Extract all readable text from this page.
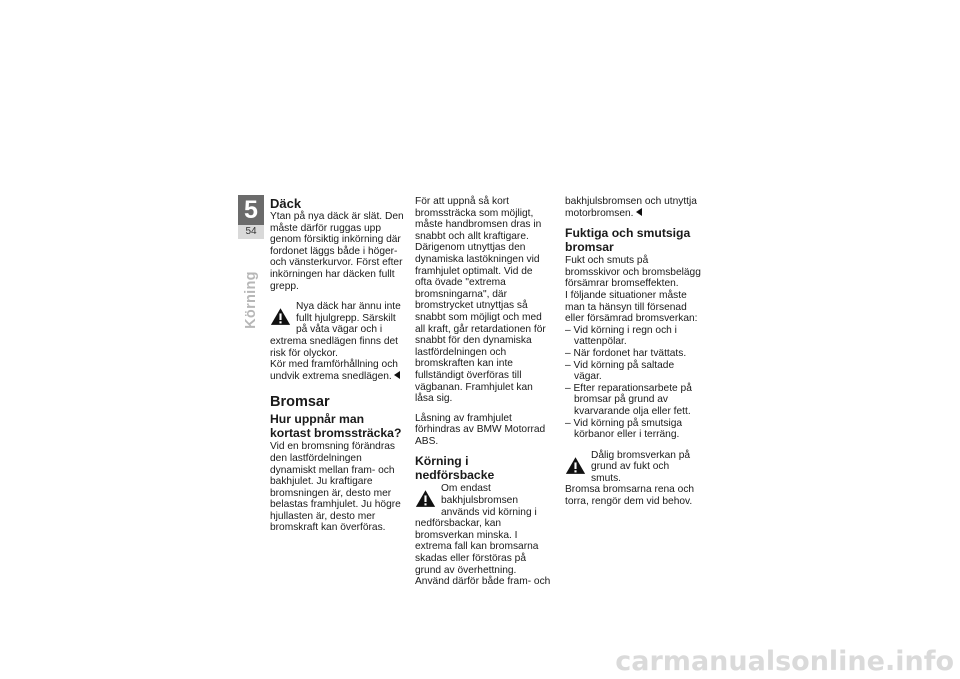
5
54
Körning
Däck

Ytan på nya däck är slät. Den måste därför ruggas upp genom försiktig inkörning där fordonet läggs både i höger- och vänsterkurvor. Först efter inkörningen har däcken fullt grepp.

Nya däck har ännu inte fullt hjulgrepp. Särskilt på våta vägar och i extrema snedlägen finns det risk för olyckor.

Kör med framförhållning och undvik extrema snedlägen.

Bromsar
Hur uppnår man kortast bromssträcka?

Vid en bromsning förändras den lastfördelningen dynamiskt mellan fram- och bakhjulet. Ju kraftigare bromsningen är, desto mer belastas framhjulet. Ju högre hjullasten är, desto mer bromskraft kan överföras.

För att uppnå så kort bromssträcka som möjligt, måste handbromsen dras in snabbt och allt kraftigare. Därigenom utnyttjas den dynamiska lastökningen vid framhjulet optimalt. Vid de ofta övade "extrema bromsningarna", där bromstrycket utnyttjas så snabbt som möjligt och med all kraft, går retardationen för snabbt för den dynamiska lastfördelningen och bromskraften kan inte fullständigt överföras till vägbanan. Framhjulet kan låsa sig.

Låsning av framhjulet förhindras av BMW Motorrad ABS.

Körning i nedförsbacke

Om endast bakhjulsbromsen används vid körning i nedförsbackar, kan bromsverkan minska. I extrema fall kan bromsarna skadas eller förstöras på grund av överhettning.

Använd därför både fram- och

bakhjulsbromsen och utnyttja motorbromsen.

Fuktiga och smutsiga bromsar

Fukt och smuts på bromsskivor och bromsbelägg försämrar bromseffekten.

I följande situationer måste man ta hänsyn till försenad eller försämrad bromsverkan:

– Vid körning i regn och i vattenpölar.

– När fordonet har tvättats.

– Vid körning på saltade vägar.

– Efter reparationsarbete på bromsar på grund av kvarvarande olja eller fett.

– Vid körning på smutsiga körbanor eller i terräng.

Dålig bromsverkan på grund av fukt och smuts.

Bromsa bromsarna rena och torra, rengör dem vid behov.

carmanualsonline.info
